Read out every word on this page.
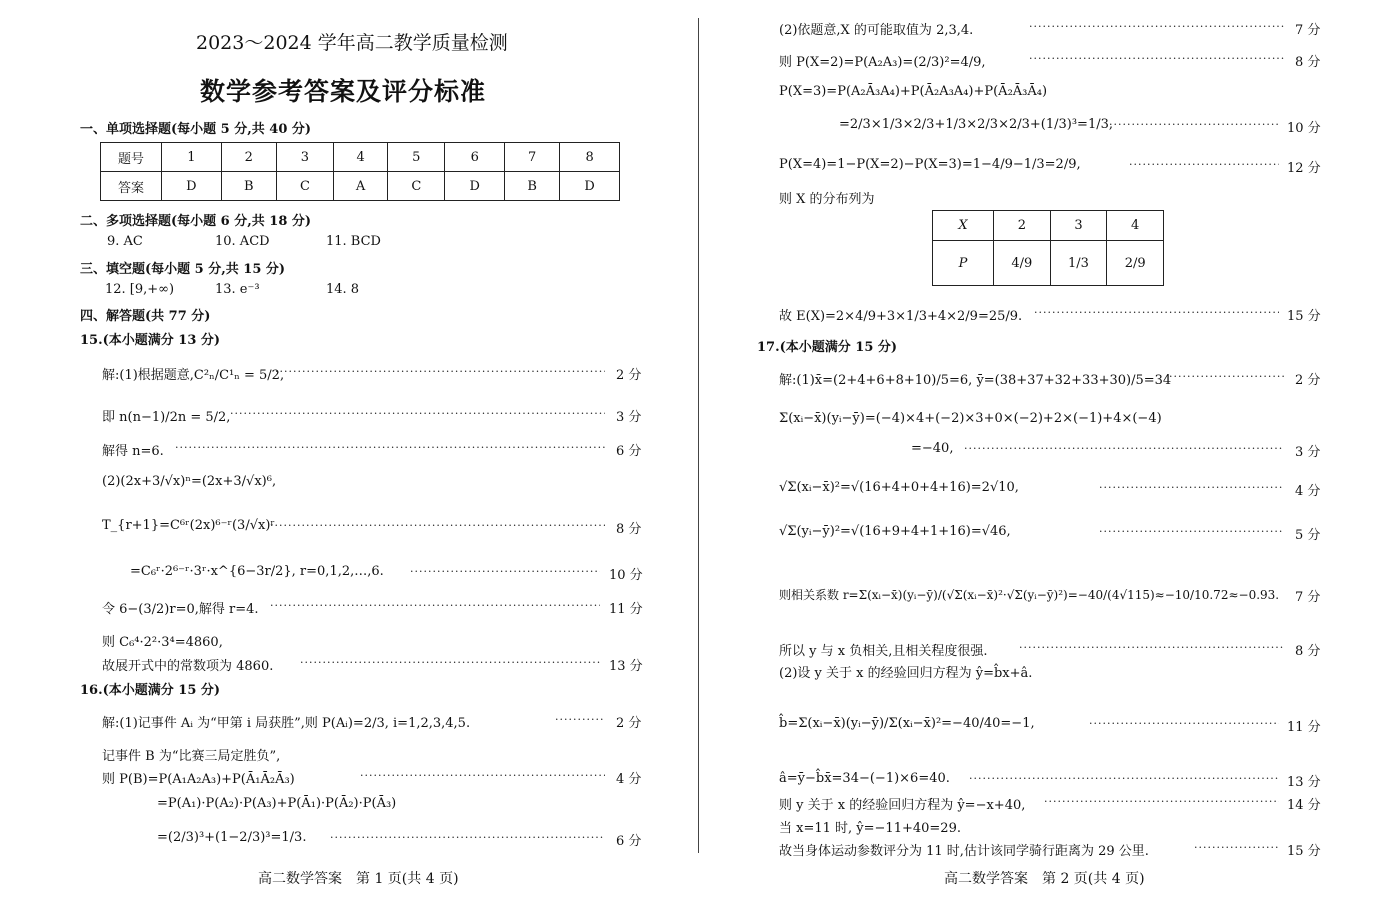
2023～2024 学年高二教学质量检测
数学参考答案及评分标准
一、单项选择题(每小题 5 分,共 40 分)
题号	1	2	3	4	5	6	7	8
答案	D	B	C	A	C	D	B	D
二、多项选择题(每小题 6 分,共 18 分)
9. AC	10. ACD	11. BCD
三、填空题(每小题 5 分,共 15 分)
12. [9,+∞)	13. e⁻³	14. 8
四、解答题(共 77 分)
15.(本小题满分 13 分)
解:(1)根据题意,C²ₙ/C¹ₙ = 5/2, ·····	2 分
即 n(n−1)/2n = 5/2, ·····	3 分
解得 n=6. ·····	6 分
(2)(2x+3/√x)ⁿ=(2x+3/√x)⁶,
T_{r+1}=C⁶ʳ(2x)⁶⁻ʳ(3/√x)ʳ ·····	8 分
=C₆ʳ·2⁶⁻ʳ·3ʳ·x^{6−3r/2}, r=0,1,2,…,6. ·····	10 分
令 6−(3/2)r=0,解得 r=4. ·····	11 分
则 C₆⁴·2²·3⁴=4860,
故展开式中的常数项为 4860. ·····	13 分
16.(本小题满分 15 分)
解:(1)记事件 Aᵢ 为“甲第 i 局获胜”,则 P(Aᵢ)=2/3, i=1,2,3,4,5. ·····	2 分
记事件 B 为“比赛三局定胜负”,
则 P(B)=P(A₁A₂A₃)+P(Ā₁Ā₂Ā₃) ·····	4 分
=P(A₁)·P(A₂)·P(A₃)+P(Ā₁)·P(Ā₂)·P(Ā₃)
=(2/3)³+(1−2/3)³=1/3. ·····	6 分
高二数学答案　第 1 页(共 4 页)
(2)依题意,X 的可能取值为 2,3,4. ·····	7 分
则 P(X=2)=P(A₂A₃)=(2/3)²=4/9, ·····	8 分
P(X=3)=P(A₂Ā₃A₄)+P(Ā₂A₃A₄)+P(Ā₂Ā₃Ā₄)
=2/3×1/3×2/3+1/3×2/3×2/3+(1/3)³=1/3, ·····	10 分
P(X=4)=1−P(X=2)−P(X=3)=1−4/9−1/3=2/9, ·····	12 分
则 X 的分布列为
X	2	3	4
P	4/9	1/3	2/9
故 E(X)=2×4/9+3×1/3+4×2/9=25/9. ·····	15 分
17.(本小题满分 15 分)
解:(1)x̄=(2+4+6+8+10)/5=6, ȳ=(38+37+32+33+30)/5=34 ·····	2 分
Σ(xᵢ−x̄)(yᵢ−ȳ)=(−4)×4+(−2)×3+0×(−2)+2×(−1)+4×(−4)
=−40, ·····	3 分
√Σ(xᵢ−x̄)²=√(16+4+0+4+16)=2√10, ·····	4 分
√Σ(yᵢ−ȳ)²=√(16+9+4+1+16)=√46, ·····	5 分
则相关系数 r=Σ(xᵢ−x̄)(yᵢ−ȳ)/(√Σ(xᵢ−x̄)²·√Σ(yᵢ−ȳ)²)=−40/(4√115)≈−10/10.72≈−0.93. 7 分
所以 y 与 x 负相关,且相关程度很强. ·····	8 分
(2)设 y 关于 x 的经验回归方程为 ŷ=b̂x+â.
b̂=Σ(xᵢ−x̄)(yᵢ−ȳ)/Σ(xᵢ−x̄)²=−40/40=−1, ·····	11 分
â=ȳ−b̂x̄=34−(−1)×6=40. ·····	13 分
则 y 关于 x 的经验回归方程为 ŷ=−x+40, ·····	14 分
当 x=11 时, ŷ=−11+40=29.
故当身体运动参数评分为 11 时,估计该同学骑行距离为 29 公里. ·····	15 分
高二数学答案　第 2 页(共 4 页)
